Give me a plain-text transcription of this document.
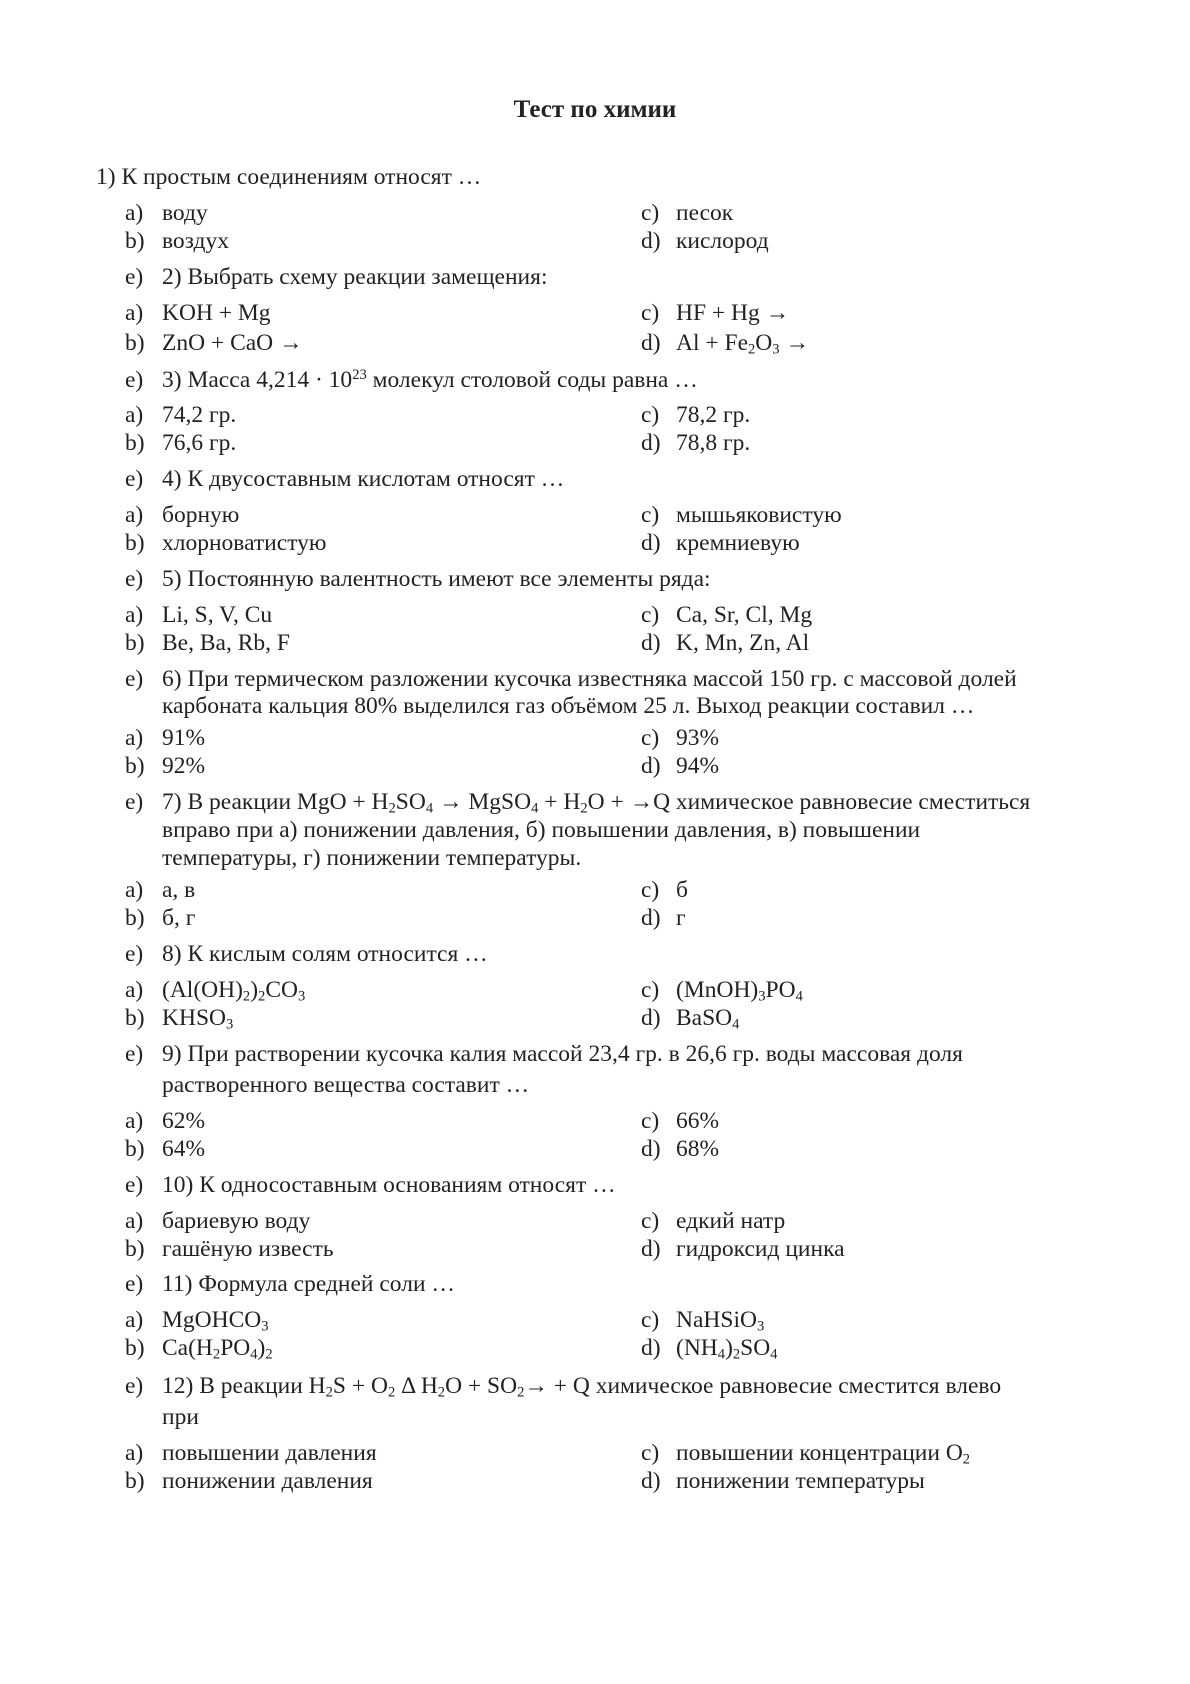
Тест по химии
1) К простым соединениям относят …
a) воду	c) песок
b) воздух	d) кислород
e) 2) Выбрать схему реакции замещения:
a) KOH + Mg	c) HF + Hg →
b) ZnO + CaO →	d) $Al + Fe_2O_3$ →
e) 3) Масса $4,214 \cdot 10^{23}$ молекул столовой соды равна …
a) 74,2 гр.	c) 78,2 гр.
b) 76,6 гр.	d) 78,8 гр.
e) 4) К двусоставным кислотам относят …
a) борную	c) мышьяковистую
b) хлорноватистую	d) кремниевую
e) 5) Постоянную валентность имеют все элементы ряда:
a) Li, S, V, Cu	c) Ca, Sr, Cl, Mg
b) Be, Ba, Rb, F	d) K, Mn, Zn, Al
e) 6) При термическом разложении кусочка известняка массой 150 гр. с массовой долей
карбоната кальция 80% выделился газ объёмом 25 л. Выход реакции составил …
a) 91%	c) 93%
b) 92%	d) 94%
e) 7) В реакции MgO + $H_2SO_4$ → MgSO$_4$ + $H_2O + \to Q$ химическое равновесие сместиться
вправо при а) понижении давления, б) повышении давления, в) повышении
температуры, г) понижении температуры.
a) а, в	c) б
b) б, г	d) г
e) 8) К кислым солям относится …
a) $(Al(OH)_2)_2CO_3$	c) $(MnOH)_3PO_4$
b) $KHSO_3$	d) BaSO$_4$
e) 9) При растворении кусочка калия массой 23,4 гр. в 26,6 гр. воды массовая доля
растворенного вещества составит …
a) 62%	c) 66%
b) 64%	d) 68%
e) 10) К односоставным основаниям относят …
a) бариевую воду	c) едкий натр
b) гашёную известь	d) гидроксид цинка
e) 11) Формула средней соли …
a) MgOHCO$_3$	c) NaHSiO$_3$
b) $Ca(H_2PO_4)_2$	d) $(NH_4)_2SO_4$
e) 12) В реакции $H_2S + O_2$ Δ $H_2O + SO_2\to + Q$ химическое равновесие сместится влево
при
a) повышении давления	c) повышении концентрации $O_2$
b) понижении давления	d) понижении температуры
